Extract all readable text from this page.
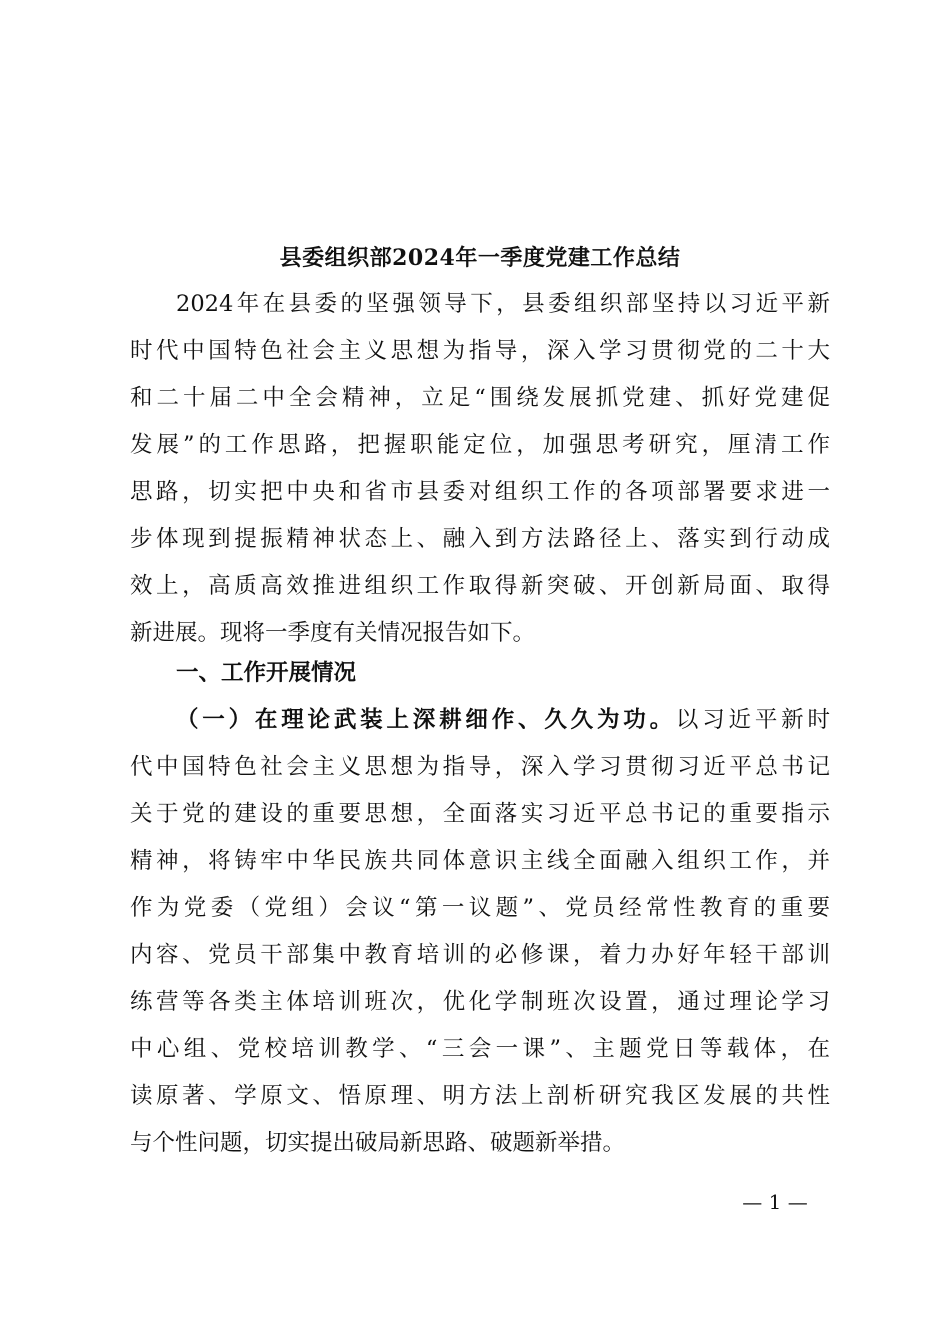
县委组织部2024年一季度党建工作总结
2024年在县委的坚强领导下，县委组织部坚持以习近平新
时代中国特色社会主义思想为指导，深入学习贯彻党的二十大
和二十届二中全会精神，立足“围绕发展抓党建、抓好党建促
发展”的工作思路，把握职能定位，加强思考研究，厘清工作
思路，切实把中央和省市县委对组织工作的各项部署要求进一
步体现到提振精神状态上、融入到方法路径上、落实到行动成
效上，高质高效推进组织工作取得新突破、开创新局面、取得
新进展。现将一季度有关情况报告如下。
一、工作开展情况
（一）在理论武装上深耕细作、久久为功。以习近平新时
代中国特色社会主义思想为指导，深入学习贯彻习近平总书记
关于党的建设的重要思想，全面落实习近平总书记的重要指示
精神，将铸牢中华民族共同体意识主线全面融入组织工作，并
作为党委（党组）会议“第一议题”、党员经常性教育的重要
内容、党员干部集中教育培训的必修课，着力办好年轻干部训
练营等各类主体培训班次，优化学制班次设置，通过理论学习
中心组、党校培训教学、“三会一课”、主题党日等载体，在
读原著、学原文、悟原理、明方法上剖析研究我区发展的共性
与个性问题，切实提出破局新思路、破题新举措。
— 1 —
